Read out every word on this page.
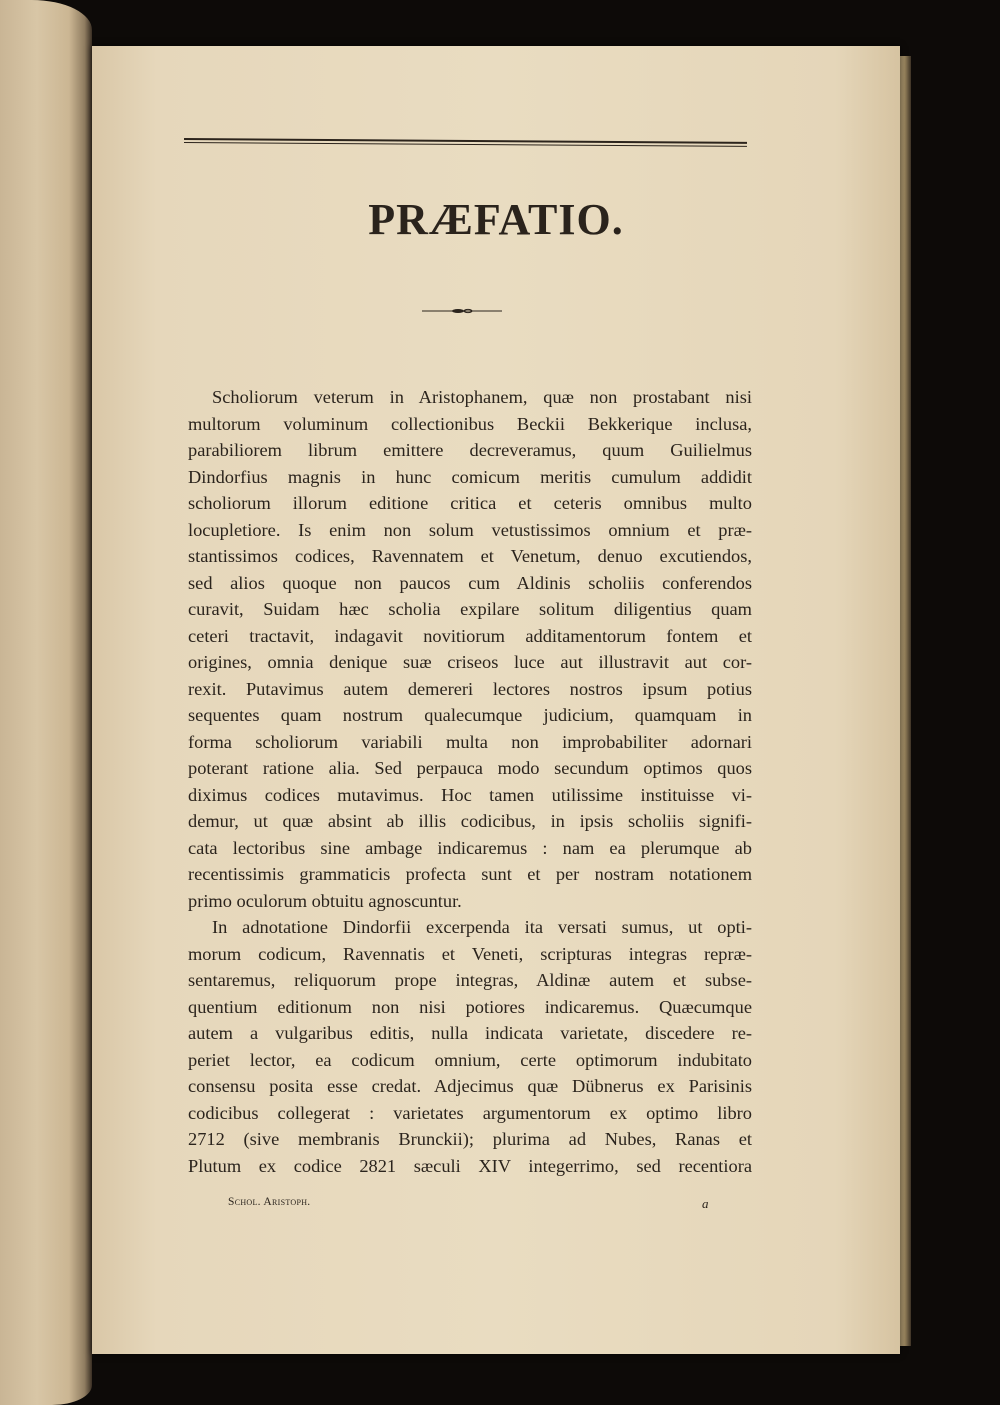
PRÆFATIO.

Scholiorum veterum in Aristophanem, quæ non prostabant nisi
multorum voluminum collectionibus Beckii Bekkerique inclusa,
parabiliorem librum emittere decreveramus, quum Guilielmus
Dindorfius magnis in hunc comicum meritis cumulum addidit
scholiorum illorum editione critica et ceteris omnibus multo
locupletiore. Is enim non solum vetustissimos omnium et præ-
stantissimos codices, Ravennatem et Venetum, denuo excutiendos,
sed alios quoque non paucos cum Aldinis scholiis conferendos
curavit, Suidam hæc scholia expilare solitum diligentius quam
ceteri tractavit, indagavit novitiorum additamentorum fontem et
origines, omnia denique suæ criseos luce aut illustravit aut cor-
rexit. Putavimus autem demereri lectores nostros ipsum potius
sequentes quam nostrum qualecumque judicium, quamquam in
forma scholiorum variabili multa non improbabiliter adornari
poterant ratione alia. Sed perpauca modo secundum optimos quos
diximus codices mutavimus. Hoc tamen utilissime instituisse vi-
demur, ut quæ absint ab illis codicibus, in ipsis scholiis signifi-
cata lectoribus sine ambage indicaremus : nam ea plerumque ab
recentissimis grammaticis profecta sunt et per nostram notationem
primo oculorum obtuitu agnoscuntur.

In adnotatione Dindorfii excerpenda ita versati sumus, ut opti-
morum codicum, Ravennatis et Veneti, scripturas integras repræ-
sentaremus, reliquorum prope integras, Aldinæ autem et subse-
quentium editionum non nisi potiores indicaremus. Quæcumque
autem a vulgaribus editis, nulla indicata varietate, discedere re-
periet lector, ea codicum omnium, certe optimorum indubitato
consensu posita esse credat. Adjecimus quæ Dübnerus ex Parisinis
codicibus collegerat : varietates argumentorum ex optimo libro
2712 (sive membranis Brunckii); plurima ad Nubes, Ranas et
Plutum ex codice 2821 sæculi XIV integerrimo, sed recentiora

Schol. Aristoph.	a
